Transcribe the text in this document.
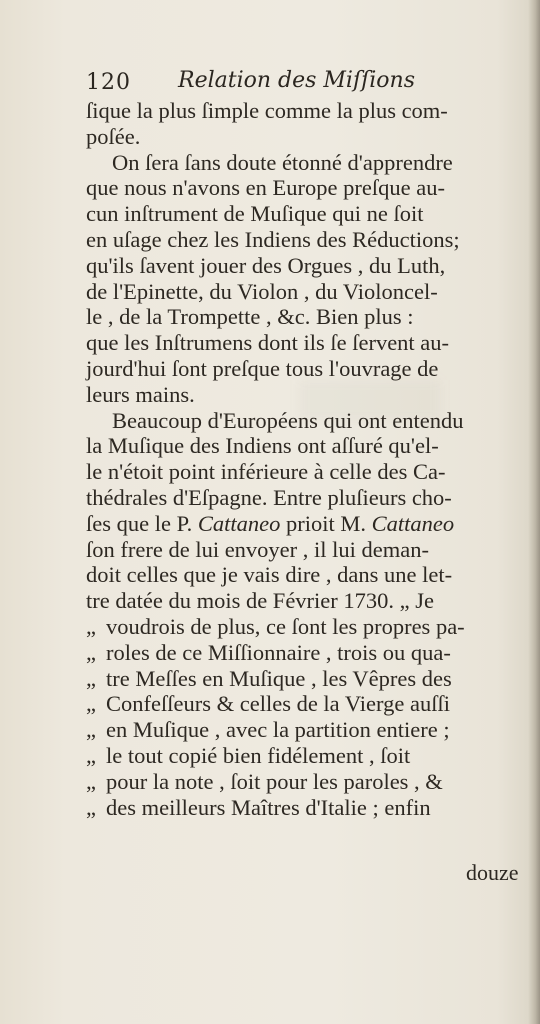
120 Relation des Miſſions
ſique la plus ſimple comme la plus com-
poſée.
On ſera ſans doute étonné d'apprendre
que nous n'avons en Europe preſque au-
cun inſtrument de Muſique qui ne ſoit
en uſage chez les Indiens des Réductions;
qu'ils ſavent jouer des Orgues , du Luth,
de l'Epinette, du Violon , du Violoncel-
le , de la Trompette , &c. Bien plus :
que les Inſtrumens dont ils ſe ſervent au-
jourd'hui ſont preſque tous l'ouvrage de
leurs mains.
Beaucoup d'Européens qui ont entendu
la Muſique des Indiens ont aſſuré qu'el-
le n'étoit point inférieure à celle des Ca-
thédrales d'Eſpagne. Entre pluſieurs cho-
ſes que le P. Cattaneo prioit M. Cattaneo
ſon frere de lui envoyer , il lui deman-
doit celles que je vais dire , dans une let-
tre datée du mois de Février 1730. „ Je
„ voudrois de plus, ce ſont les propres pa-
„ roles de ce Miſſionnaire , trois ou qua-
„ tre Meſſes en Muſique , les Vêpres des
„ Confeſſeurs & celles de la Vierge auſſi
„ en Muſique , avec la partition entiere ;
„ le tout copié bien fidélement , ſoit
„ pour la note , ſoit pour les paroles , &
„ des meilleurs Maîtres d'Italie ; enfin
douze
